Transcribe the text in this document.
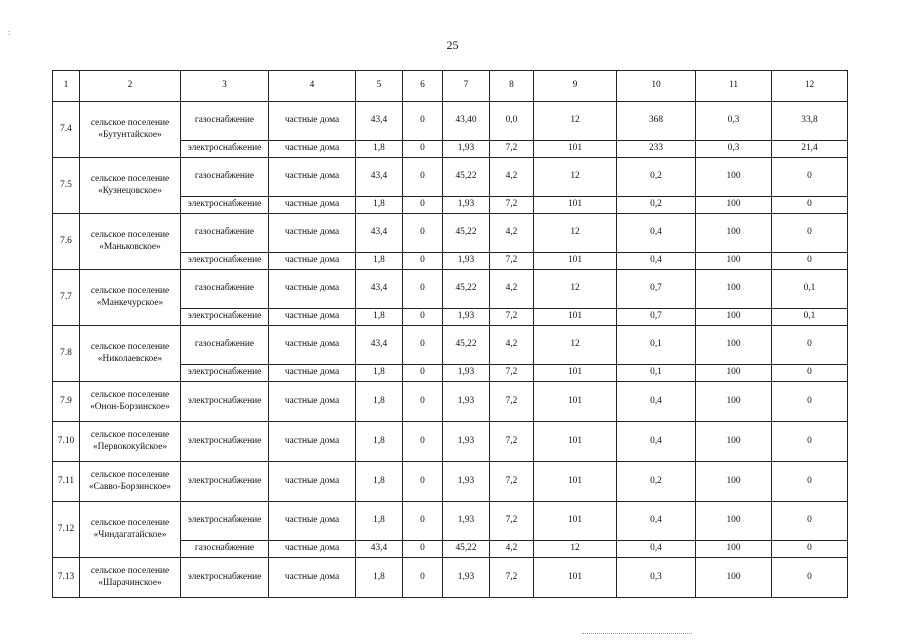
:
25
1	2	3	4	5	6	7	8	9	10	11	12
7.4	сельское поселение «Бутунтайское»	газоснабжение	частные дома	43,4	0	43,40	0,0	12	368	0,3	33,8
		электроснабжение	частные дома	1,8	0	1,93	7,2	101	233	0,3	21,4
7.5	сельское поселение «Кузнецовское»	газоснабжение	частные дома	43,4	0	45,22	4,2	12	0,2	100	0
		электроснабжение	частные дома	1,8	0	1,93	7,2	101	0,2	100	0
7.6	сельское поселение «Маньковское»	газоснабжение	частные дома	43,4	0	45,22	4,2	12	0,4	100	0
		электроснабжение	частные дома	1,8	0	1,93	7,2	101	0,4	100	0
7.7	сельское поселение «Манкечурское»	газоснабжение	частные дома	43,4	0	45,22	4,2	12	0,7	100	0,1
		электроснабжение	частные дома	1,8	0	1,93	7,2	101	0,7	100	0,1
7.8	сельское поселение «Николаевское»	газоснабжение	частные дома	43,4	0	45,22	4,2	12	0,1	100	0
		электроснабжение	частные дома	1,8	0	1,93	7,2	101	0,1	100	0
7.9	сельское поселение «Онон-Борзинское»	электроснабжение	частные дома	1,8	0	1,93	7,2	101	0,4	100	0
7.10	сельское поселение «Первококуйское»	электроснабжение	частные дома	1,8	0	1,93	7,2	101	0,4	100	0
7.11	сельское поселение «Савво-Борзинское»	электроснабжение	частные дома	1,8	0	1,93	7,2	101	0,2	100	0
7.12	сельское поселение «Чиндагатайское»	электроснабжение	частные дома	1,8	0	1,93	7,2	101	0,4	100	0
		газоснабжение	частные дома	43,4	0	45,22	4,2	12	0,4	100	0
7.13	сельское поселение «Шарачинское»	электроснабжение	частные дома	1,8	0	1,93	7,2	101	0,3	100	0
